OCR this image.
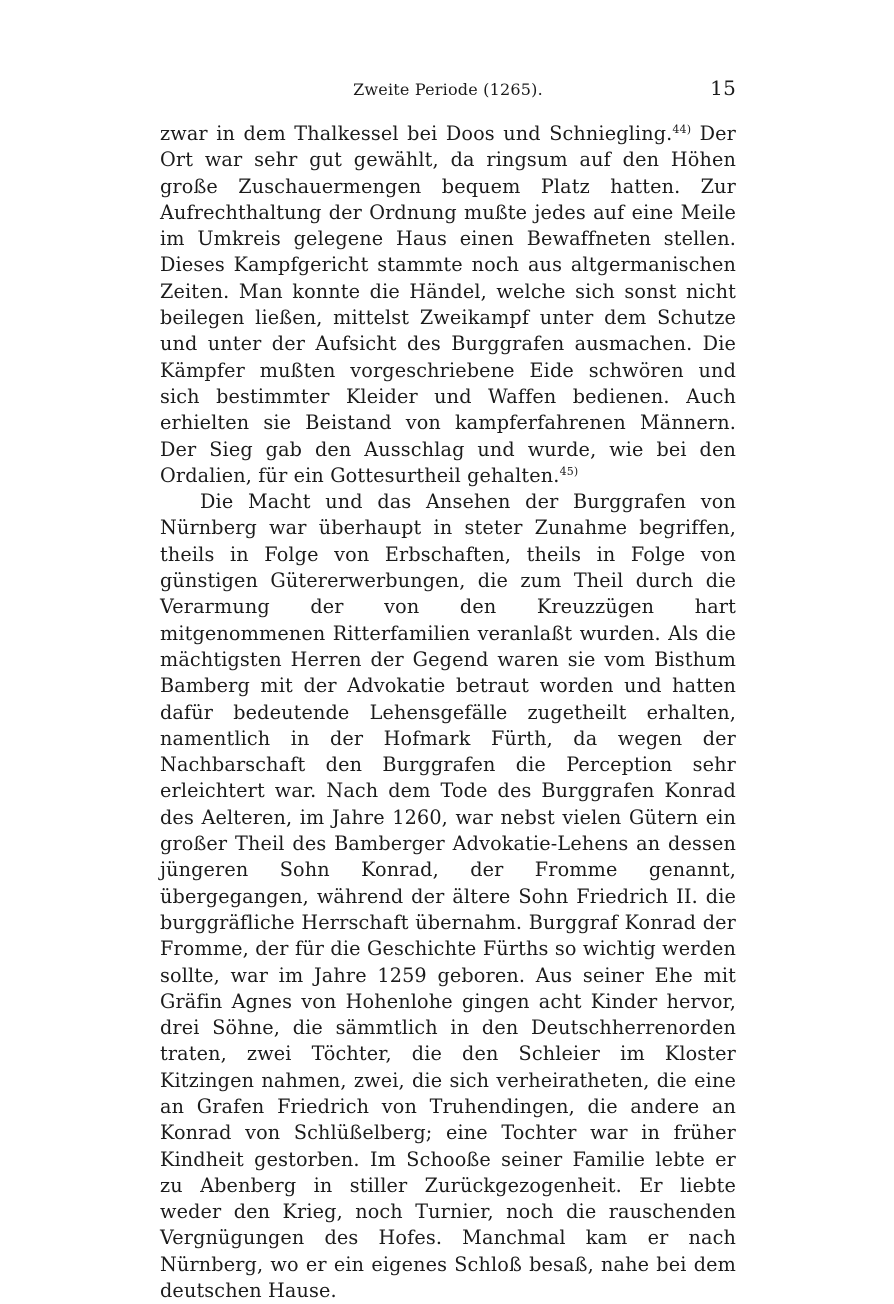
Zweite Periode (1265).	15

zwar in dem Thalkessel bei Doos und Schniegling.$^{44)}$ Der Ort war sehr gut gewählt, da ringsum auf den Höhen große Zuschauermengen bequem Platz hatten. Zur Aufrechthaltung der Ordnung mußte jedes auf eine Meile im Umkreis gelegene Haus einen Bewaffneten stellen. Dieses Kampfgericht stammte noch aus altgermanischen Zeiten. Man konnte die Händel, welche sich sonst nicht beilegen ließen, mittelst Zweikampf unter dem Schutze und unter der Aufsicht des Burggrafen ausmachen. Die Kämpfer mußten vorgeschriebene Eide schwören und sich bestimmter Kleider und Waffen bedienen. Auch erhielten sie Beistand von kampferfahrenen Männern. Der Sieg gab den Ausschlag und wurde, wie bei den Ordalien, für ein Gottesurtheil gehalten.$^{45)}$

Die Macht und das Ansehen der Burggrafen von Nürnberg war überhaupt in steter Zunahme begriffen, theils in Folge von Erbschaften, theils in Folge von günstigen Gütererwerbungen, die zum Theil durch die Verarmung der von den Kreuzzügen hart mitgenommenen Ritterfamilien veranlaßt wurden. Als die mächtigsten Herren der Gegend waren sie vom Bisthum Bamberg mit der Advokatie betraut worden und hatten dafür bedeutende Lehensgefälle zugetheilt erhalten, namentlich in der Hofmark Fürth, da wegen der Nachbarschaft den Burggrafen die Perception sehr erleichtert war. Nach dem Tode des Burggrafen Konrad des Aelteren, im Jahre 1260, war nebst vielen Gütern ein großer Theil des Bamberger Advokatie-Lehens an dessen jüngeren Sohn Konrad, der Fromme genannt, übergegangen, während der ältere Sohn Friedrich II. die burggräfliche Herrschaft übernahm. Burggraf Konrad der Fromme, der für die Geschichte Fürths so wichtig werden sollte, war im Jahre 1259 geboren. Aus seiner Ehe mit Gräfin Agnes von Hohenlohe gingen acht Kinder hervor, drei Söhne, die sämmtlich in den Deutschherrenorden traten, zwei Töchter, die den Schleier im Kloster Kitzingen nahmen, zwei, die sich verheiratheten, die eine an Grafen Friedrich von Truhendingen, die andere an Konrad von Schlüßelberg; eine Tochter war in früher Kindheit gestorben. Im Schooße seiner Familie lebte er zu Abenberg in stiller Zurückgezogenheit. Er liebte weder den Krieg, noch Turnier, noch die rauschenden Vergnügungen des Hofes. Manchmal kam er nach Nürnberg, wo er ein eigenes Schloß besaß, nahe bei dem deutschen Hause.
